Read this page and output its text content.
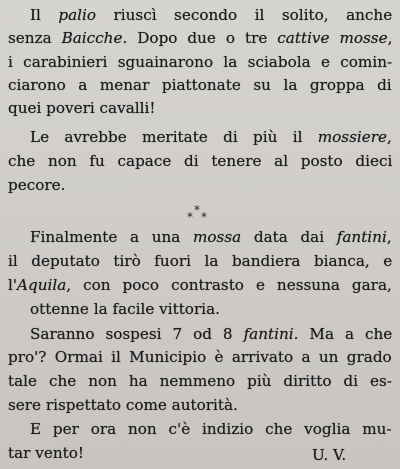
Il palio riuscì secondo il solito, anche
senza Baicche. Dopo due o tre cattive mosse,
i carabinieri sguainarono la sciabola e comin-
ciarono a menar piattonate su la groppa di
quei poveri cavalli!
Le avrebbe meritate di più il mossiere,
che non fu capace di tenere al posto dieci
pecore.
*
* *
Finalmente a una mossa data dai fantini,
il deputato tirò fuori la bandiera bianca, e
l'Aquila, con poco contrasto e nessuna gara,
ottenne la facile vittoria.
Saranno sospesi 7 od 8 fantini. Ma a che
pro'? Ormai il Municipio è arrivato a un grado
tale che non ha nemmeno più diritto di es-
sere rispettato come autorità.
E per ora non c'è indizio che voglia mu-
tar vento!	U. V.
